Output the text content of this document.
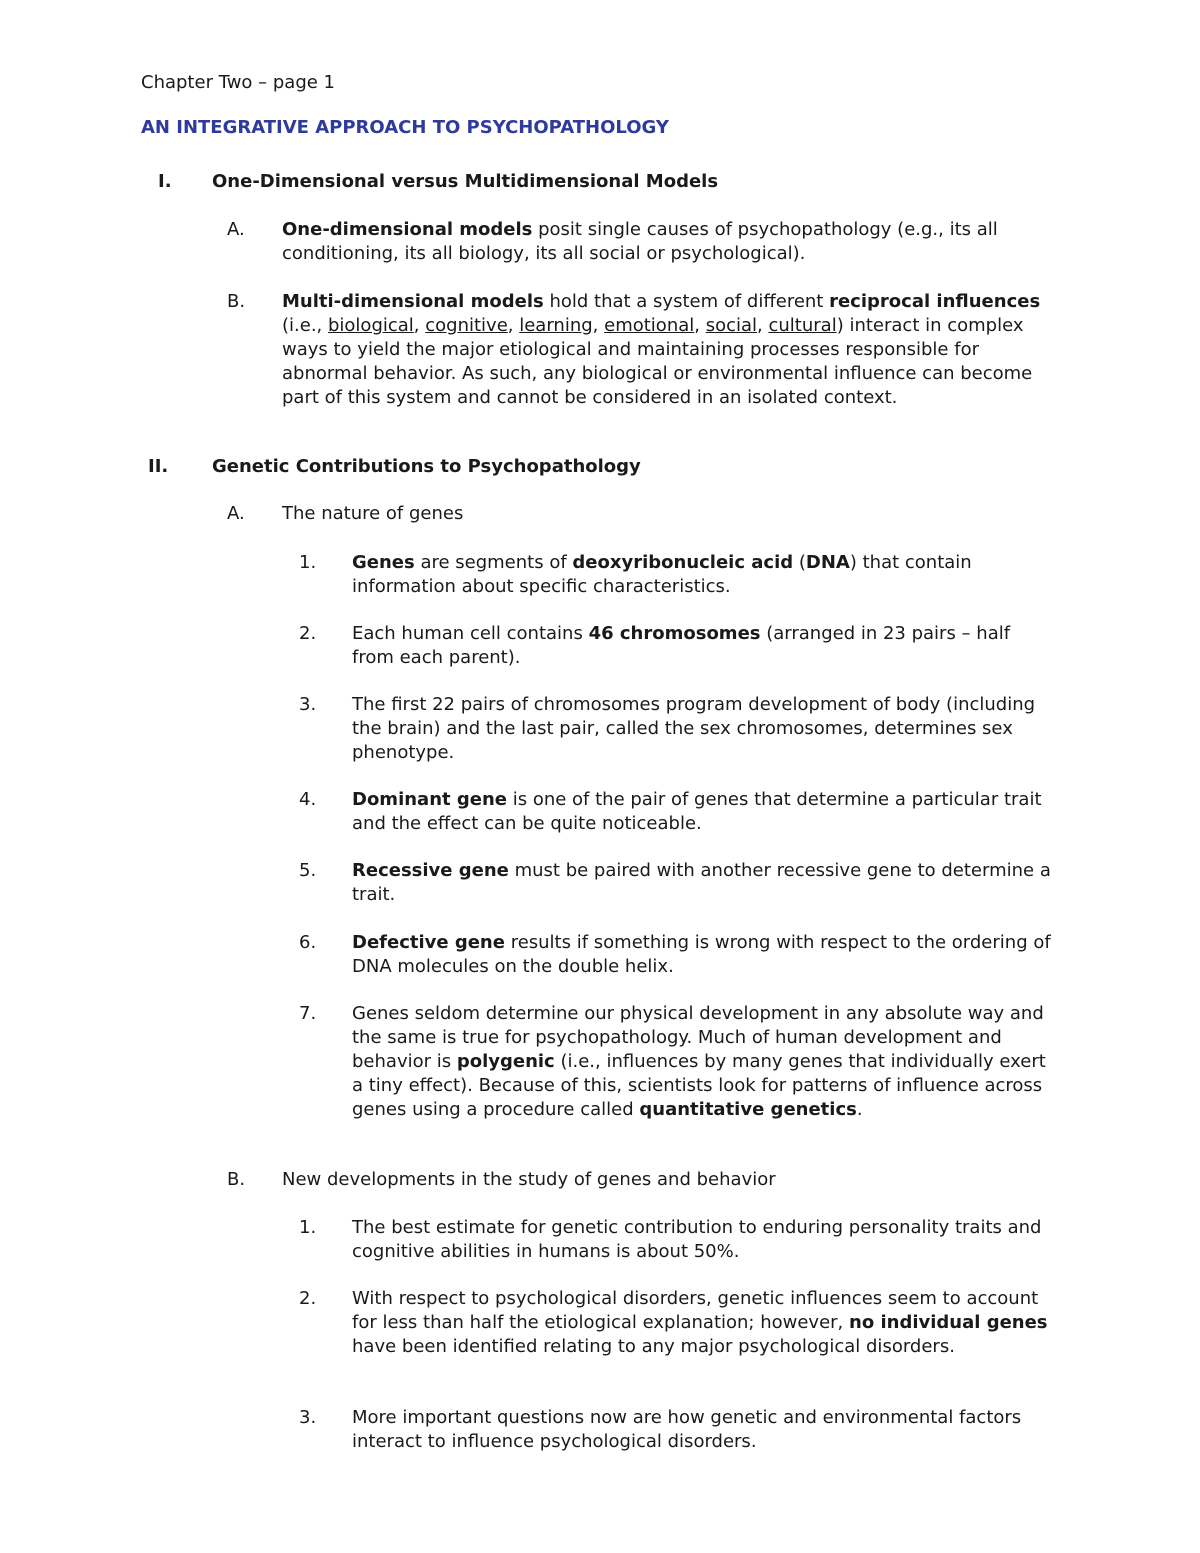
Chapter Two – page 1
AN INTEGRATIVE APPROACH TO PSYCHOPATHOLOGY
I. One-Dimensional versus Multidimensional Models
A. One-dimensional models posit single causes of psychopathology (e.g., its all conditioning, its all biology, its all social or psychological).
B. Multi-dimensional models hold that a system of different reciprocal influences (i.e., biological, cognitive, learning, emotional, social, cultural) interact in complex ways to yield the major etiological and maintaining processes responsible for abnormal behavior. As such, any biological or environmental influence can become part of this system and cannot be considered in an isolated context.
II. Genetic Contributions to Psychopathology
A. The nature of genes
1. Genes are segments of deoxyribonucleic acid (DNA) that contain information about specific characteristics.
2. Each human cell contains 46 chromosomes (arranged in 23 pairs – half from each parent).
3. The first 22 pairs of chromosomes program development of body (including the brain) and the last pair, called the sex chromosomes, determines sex phenotype.
4. Dominant gene is one of the pair of genes that determine a particular trait and the effect can be quite noticeable.
5. Recessive gene must be paired with another recessive gene to determine a trait.
6. Defective gene results if something is wrong with respect to the ordering of DNA molecules on the double helix.
7. Genes seldom determine our physical development in any absolute way and the same is true for psychopathology. Much of human development and behavior is polygenic (i.e., influences by many genes that individually exert a tiny effect). Because of this, scientists look for patterns of influence across genes using a procedure called quantitative genetics.
B. New developments in the study of genes and behavior
1. The best estimate for genetic contribution to enduring personality traits and cognitive abilities in humans is about 50%.
2. With respect to psychological disorders, genetic influences seem to account for less than half the etiological explanation; however, no individual genes have been identified relating to any major psychological disorders.
3. More important questions now are how genetic and environmental factors interact to influence psychological disorders.
